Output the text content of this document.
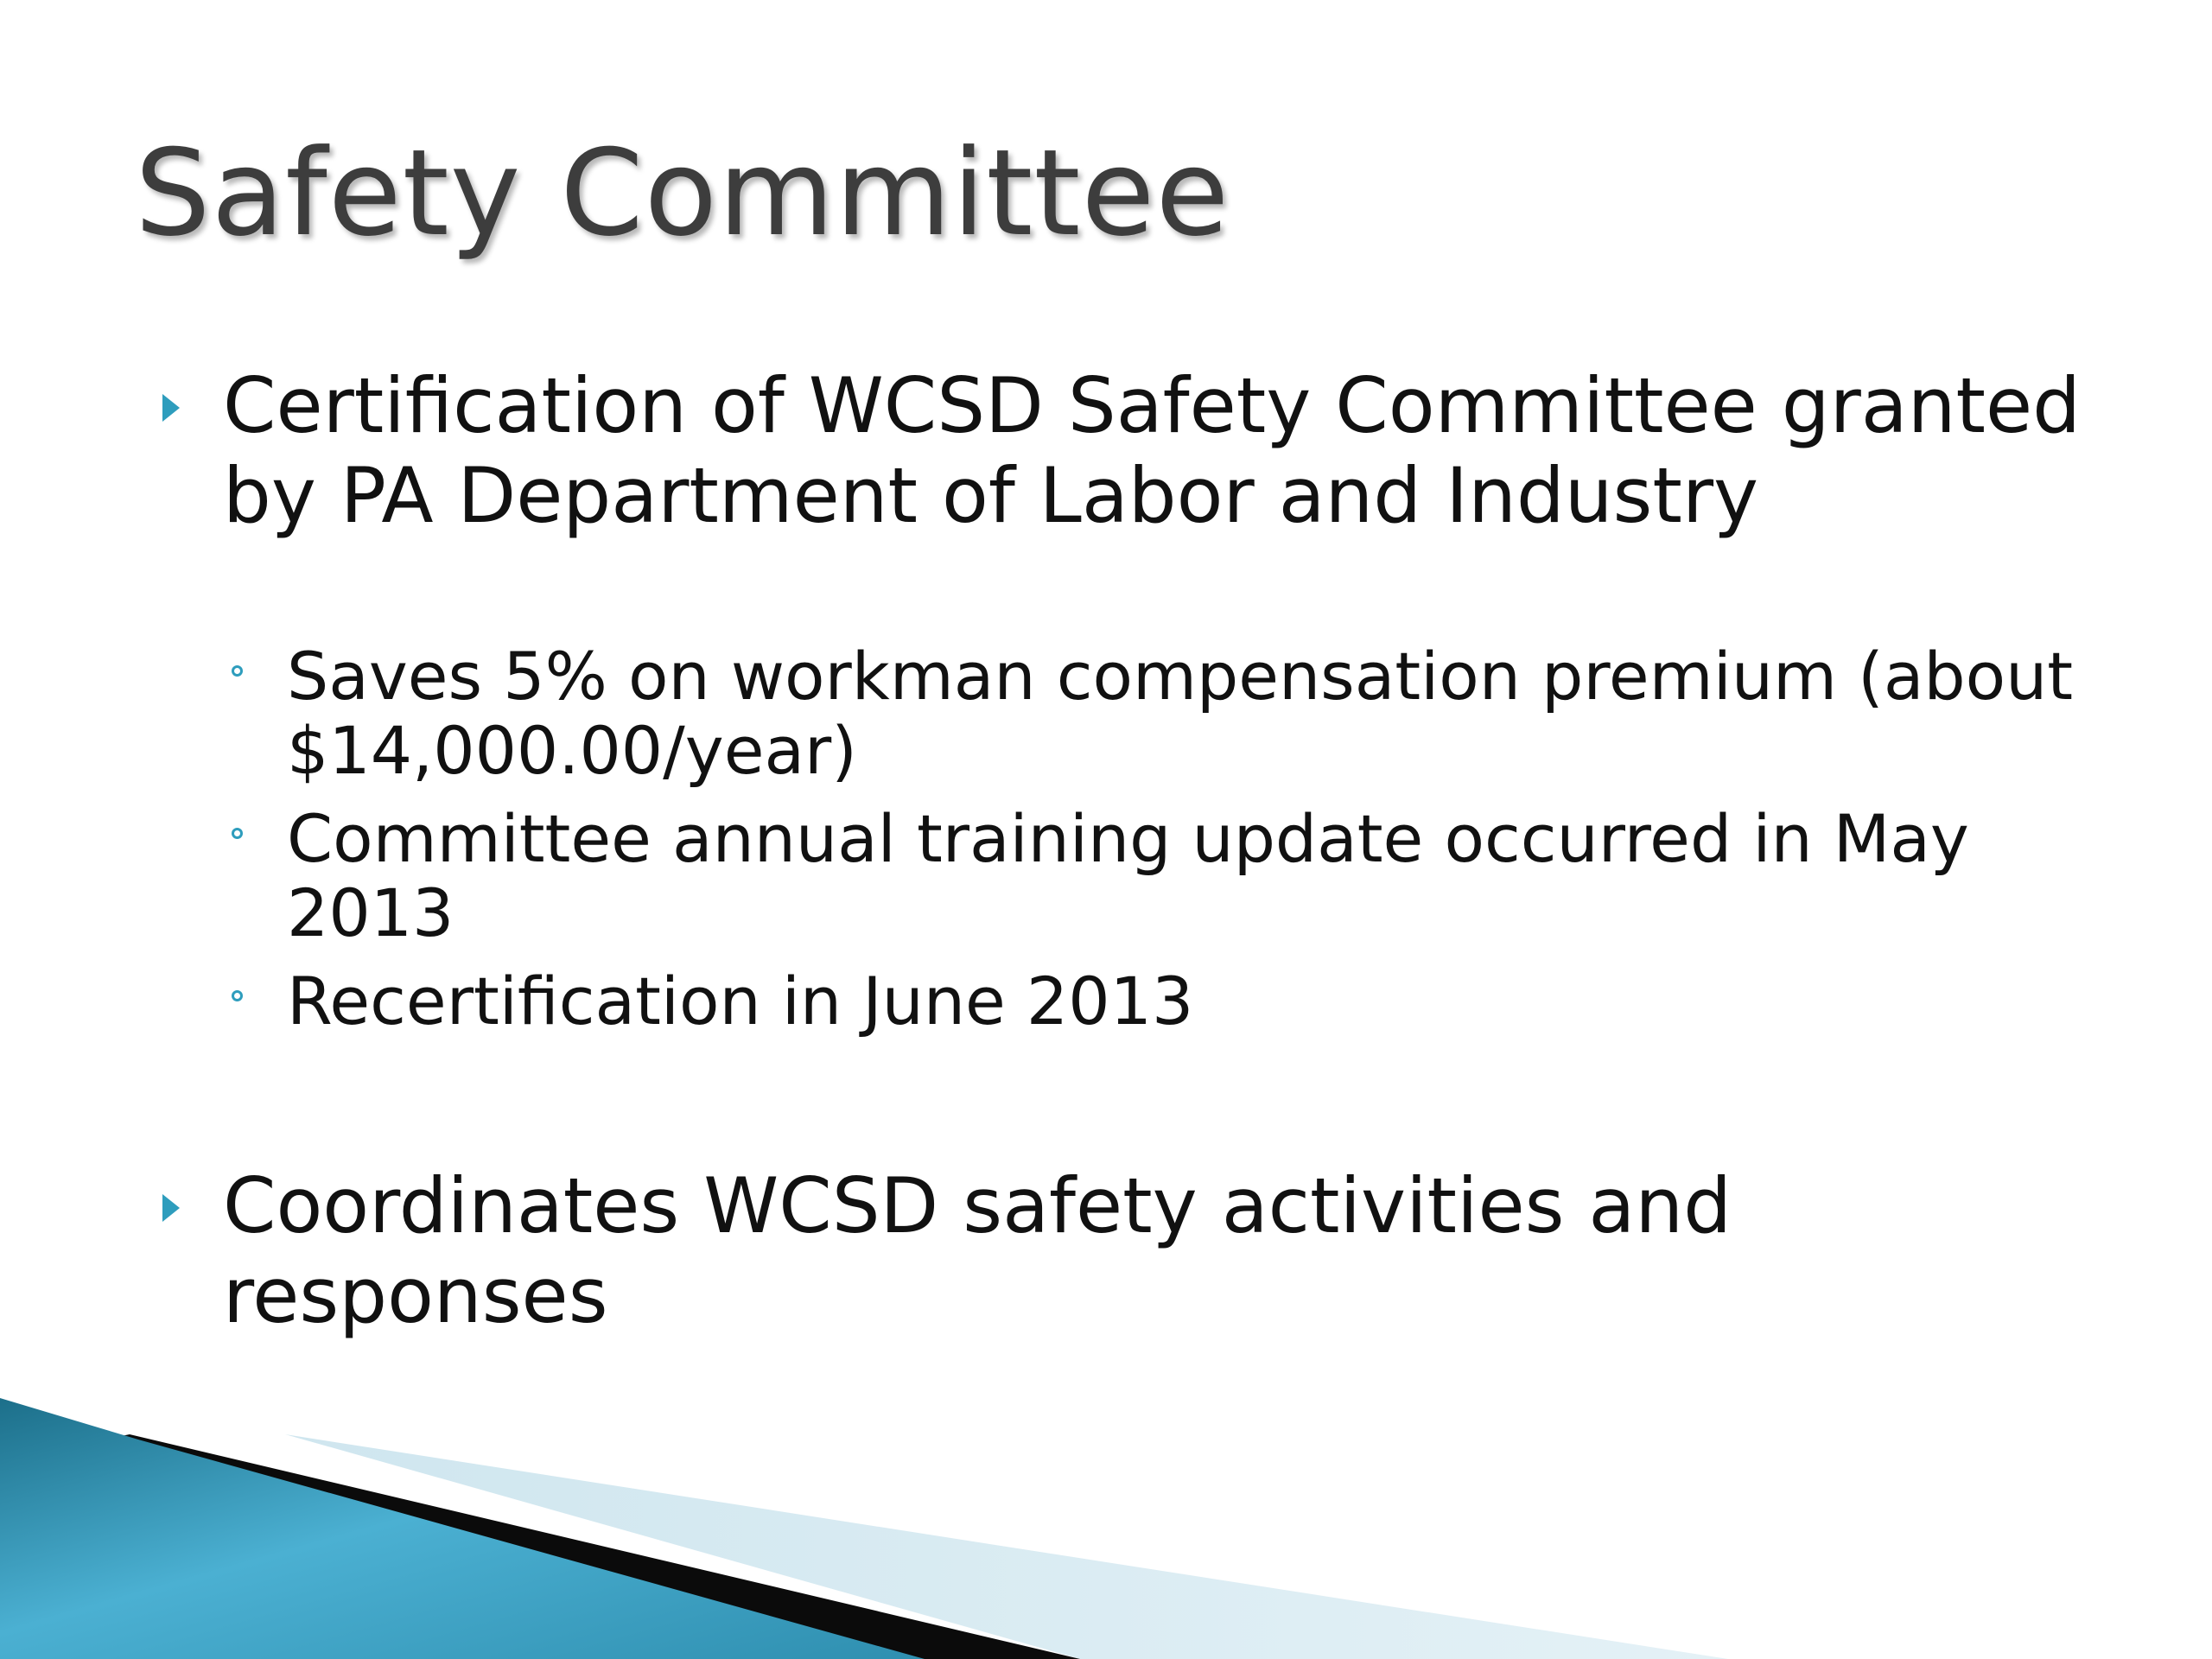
Safety Committee
Certification of WCSD Safety Committee granted by PA Department of Labor and Industry
Saves 5% on workman compensation premium (about $14,000.00/year)
Committee annual training update occurred in May 2013
Recertification in June 2013
Coordinates WCSD safety activities and responses
